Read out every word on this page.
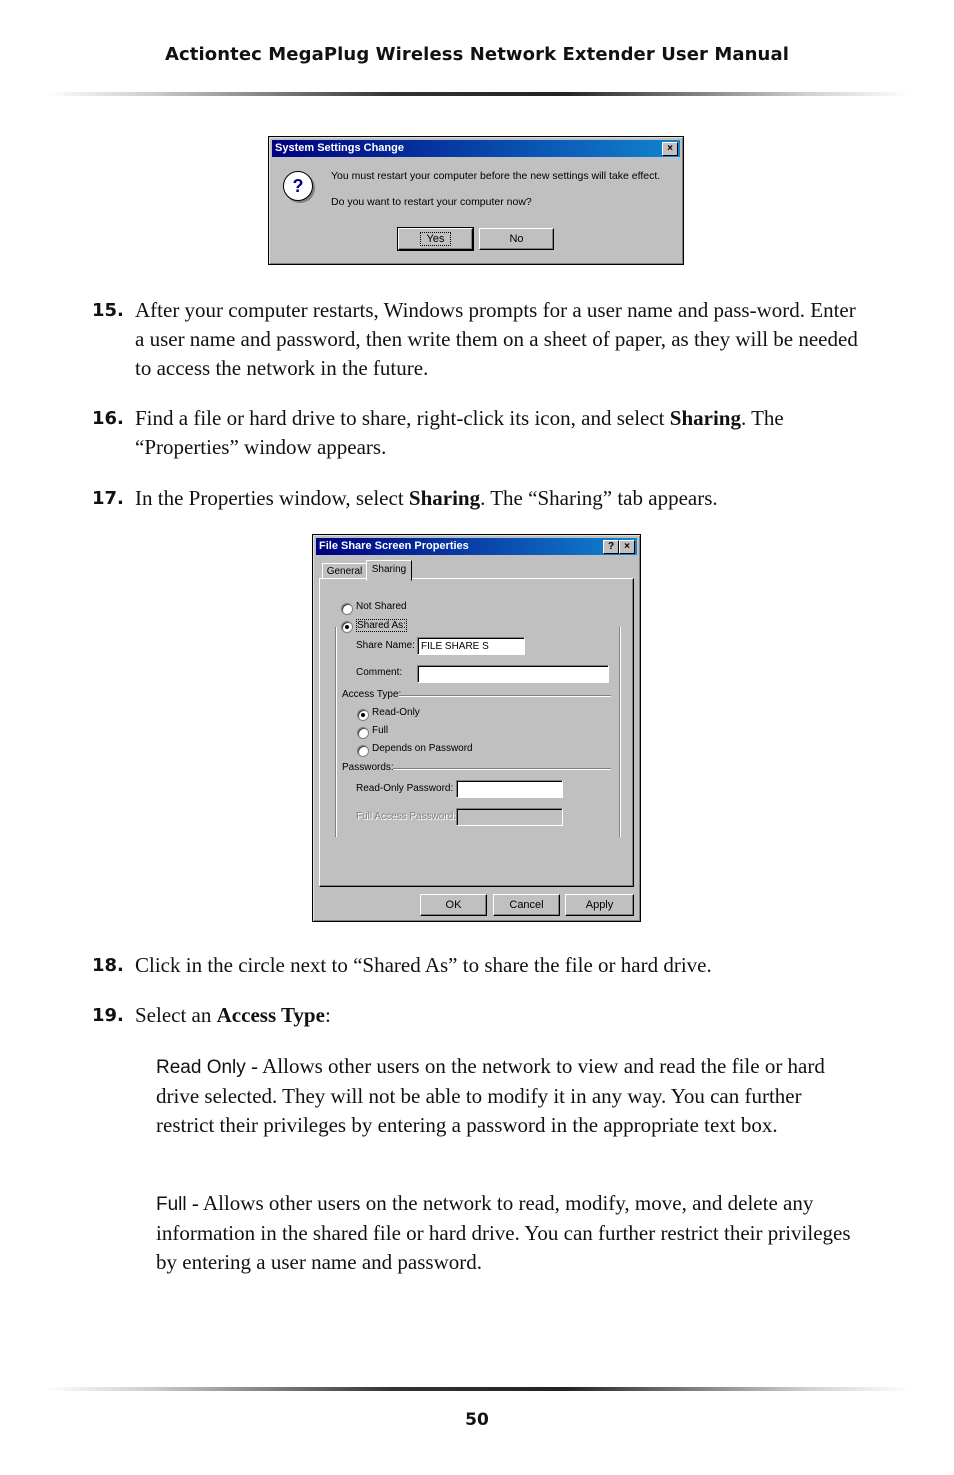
Actiontec MegaPlug Wireless Network Extender User Manual
System Settings Change	×
?	You must restart your computer before the new settings will take effect.
Do you want to restart your computer now?
Yes	No
15. After your computer restarts, Windows prompts for a user name and pass-word. Enter a user name and password, then write them on a sheet of paper, as they will be needed to access the network in the future.
16. Find a file or hard drive to share, right-click its icon, and select Sharing. The “Properties” window appears.
17. In the Properties window, select Sharing. The “Sharing” tab appears.
File Share Screen Properties	?	×
General Sharing
Not Shared
Shared As:
Share Name: FILE SHARE S
Comment:
Access Type:
Read-Only
Full
Depends on Password
Passwords:
Read-Only Password:
Full Access Password:
OK	Cancel	Apply
18. Click in the circle next to “Shared As” to share the file or hard drive.
19. Select an Access Type:
Read Only - Allows other users on the network to view and read the file or hard drive selected. They will not be able to modify it in any way. You can further restrict their privileges by entering a password in the appropriate text box.
Full - Allows other users on the network to read, modify, move, and delete any information in the shared file or hard drive. You can further restrict their privileges by entering a user name and password.
50
